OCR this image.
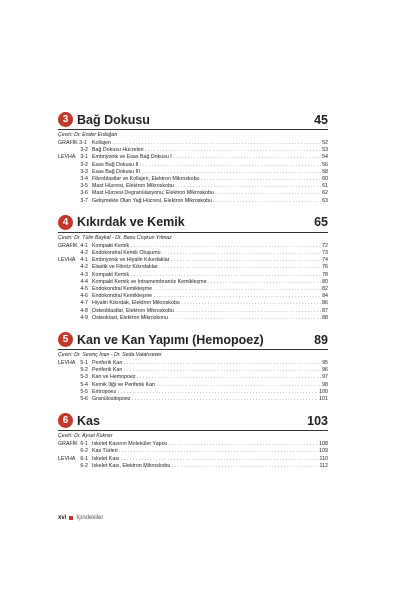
3 Bağ Dokusu	45
Çeviri: Dr. Ender Erdoğan
GRAFİK 3-1 Kollajen . . .	52
3-2 Bağ Dokusu Hücreleri . . .	53
LEVHA 3-1 Embriyonik ve Esas Bağ Dokusu I . . .	54
3-2 Esas Bağ Dokusu II . . .	56
3-3 Esas Bağ Dokusu III . . .	58
3-4 Fibroblastlar ve Kollajen, Elektron Mikroskobu . . .	60
3-5 Mast Hücresi, Elektron Mikroskobu . . .	61
3-6 Mast Hücresi Degranülasyonu, Elektron Mikroskobu . . .	62
3-7 Gelişmekte Olan Yağ Hücresi, Elektron Mikroskobu . . .	63
4 Kıkırdak ve Kemik	65
Çeviri: Dr. Tülin Baykal - Dr. Banu Coşkun Yılmaz
GRAFİK 4-1 Kompakt Kemik . . .	72
4-2 Endokondral Kemik Oluşumu . . .	73
LEVHA 4-1 Embriyonik ve Hiyalin Kıkırdaklar . . .	74
4-2 Elastik ve Fibröz Kıkırdaklar . . .	76
4-3 Kompakt Kemik . . .	78
4-4 Kompakt Kemik ve İntramembranöz Kemikleşme . . .	80
4-5 Endokondral Kemikleşme . . .	82
4-6 Endokondral Kemikleşme . . .	84
4-7 Hiyalin Kıkırdak, Elektron Mikroskobu . . .	86
4-8 Osteoblastlar, Elektron Mikroskobu . . .	87
4-9 Osteoklast, Elektron Mikroskonu . . .	88
5 Kan ve Kan Yapımı (Hemopoez)	89
Çeviri: Dr. Sevinç İnan - Dr. Seda Vatansever
LEVHA 5-1 Periferik Kan . . .	95
5-2 Periferik Kan . . .	96
5-3 Kan ve Hemopoez . . .	97
5-4 Kemik İliği ve Periferik Kan . . .	98
5-5 Eritropoez . . .	100
5-6 Granülositopoez . . .	101
6 Kas	103
Çeviri: Dr. Aysel Kükner
GRAFİK 6-1 İskelet Kasının Moleküler Yapısı . . .	108
6-2 Kas Türleri . . .	109
LEVHA 6-1 İskelet Kası . . .	110
6-2 İskelet Kası, Elektron Mikroskobu . . .	112
xvi İçindekiler
